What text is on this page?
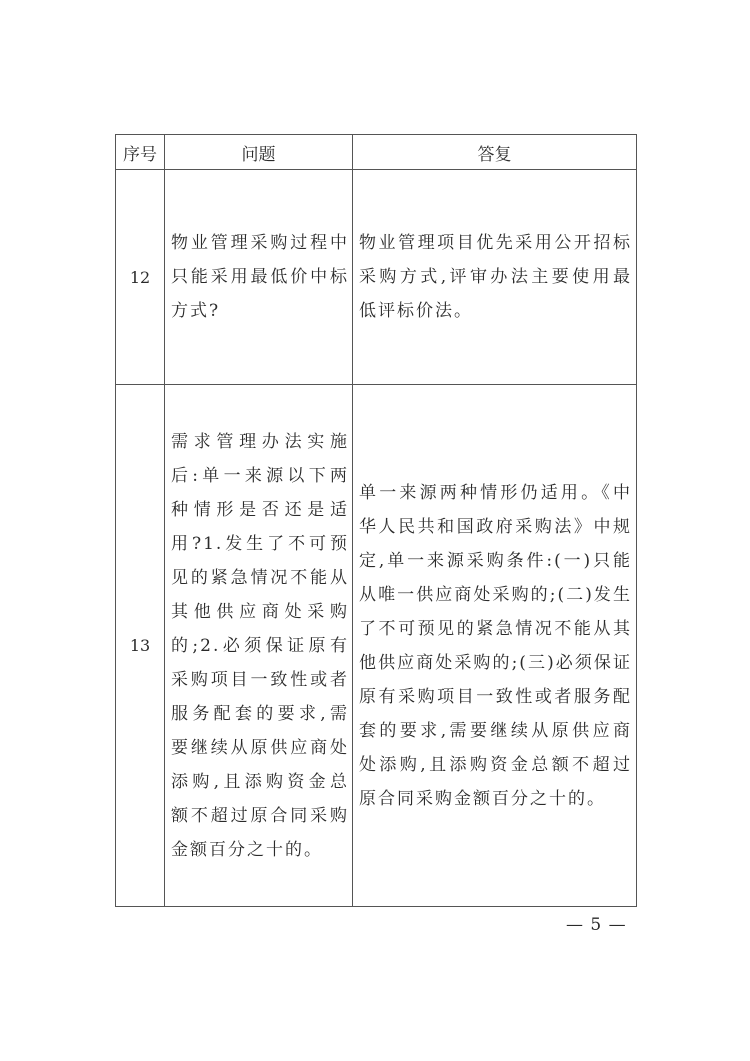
序号	问题	答复
12	物业管理采购过程中只能采用最低价中标方式?	物业管理项目优先采用公开招标采购方式,评审办法主要使用最低评标价法。

13	需求管理办法实施后:单一来源以下两种情形是否还是适用?1.发生了不可预见的紧急情况不能从其他供应商处采购的;2.必须保证原有采购项目一致性或者服务配套的要求,需要继续从原供应商处添购,且添购资金总额不超过原合同采购金额百分之十的。	单一来源两种情形仍适用。《中华人民共和国政府采购法》中规定,单一来源采购条件:(一)只能从唯一供应商处采购的;(二)发生了不可预见的紧急情况不能从其他供应商处采购的;(三)必须保证原有采购项目一致性或者服务配套的要求,需要继续从原供应商处添购,且添购资金总额不超过原合同采购金额百分之十的。
— 5 —
